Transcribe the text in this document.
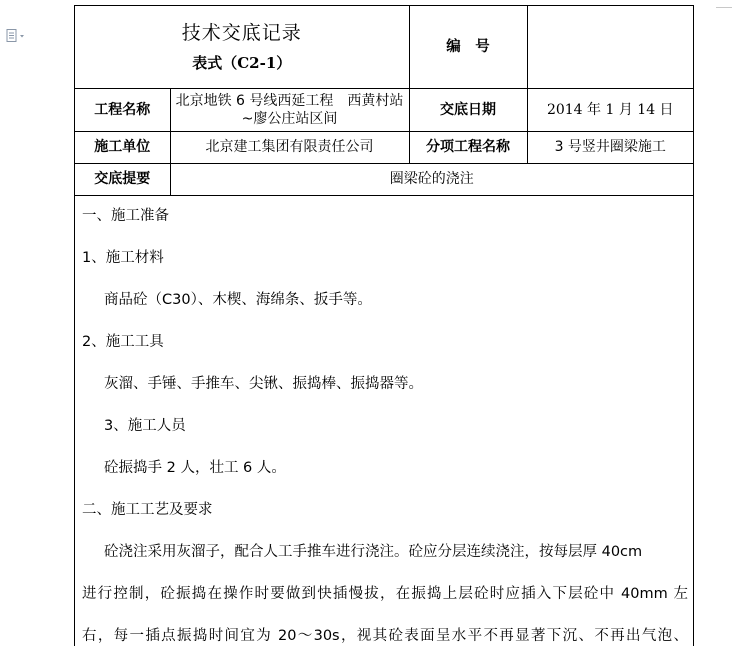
技术交底记录
表式（C2-1）		编　号	
工程名称	北京地铁 6 号线西延工程　西黄村站
~廖公庄站区间	交底日期	2014 年 1 月 14 日
施工单位	北京建工集团有限责任公司	分项工程名称	3 号竖井圈梁施工
交底提要	圈梁砼的浇注		
一、施工准备
1、施工材料
商品砼（C30）、木楔、海绵条、扳手等。
2、施工工具
灰溜、手锤、手推车、尖锹、振捣棒、振捣器等。
3、施工人员
砼振捣手 2 人，壮工 6 人。
二、施工工艺及要求
砼浇注采用灰溜子，配合人工手推车进行浇注。砼应分层连续浇注，按每层厚 40cm
进行控制，砼振捣在操作时要做到快插慢拔，在振捣上层砼时应插入下层砼中 40mm 左
右，每一插点振捣时间宜为 20～30s，视其砼表面呈水平不再显著下沉、不再出气泡、
